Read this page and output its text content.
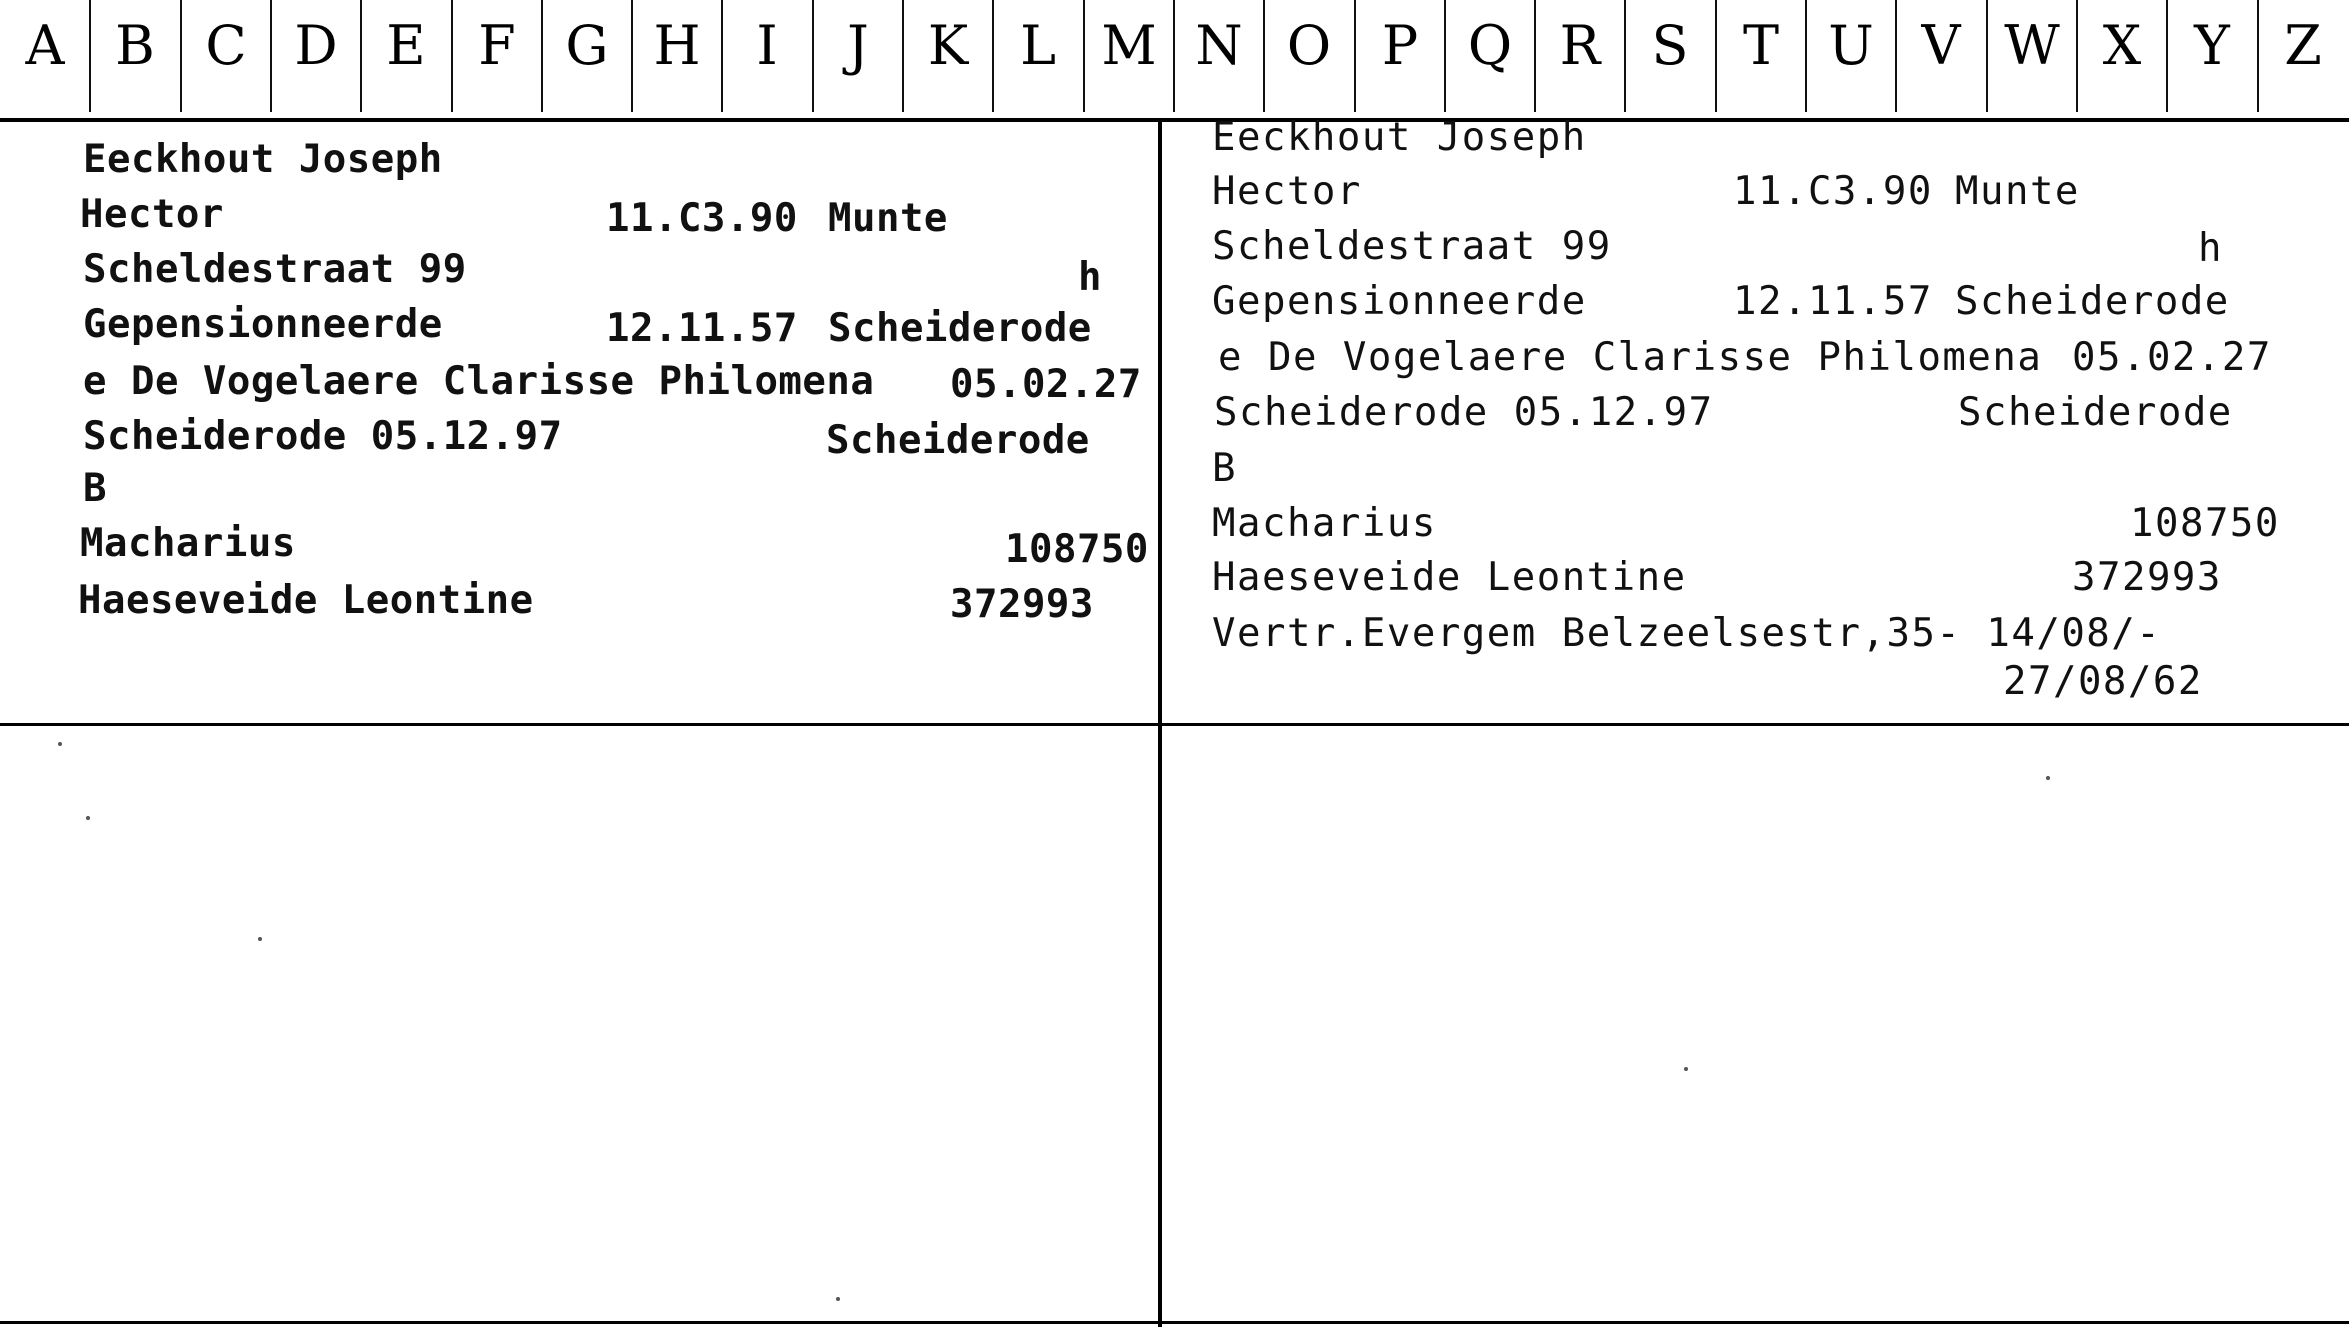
A B C D E F G H	I	J	K L M N O P Q R S	T U V W X Y	Z
Eeckhout Joseph
Hector	11.C3.90 Munte
Scheldestraat 99	h
Gepensionneerde	12.11.57 Scheiderode
e De Vogelaere Clarisse Philomena 05.02.27
Scheiderode 05.12.97	Scheiderode
B
Macharius	108750
Haeseveide Leontine	372993
Eeckhout Joseph
Hector	11.C3.90 Munte
Scheldestraat 99	h
Gepensionneerde	12.11.57 Scheiderode
e De Vogelaere Clarisse Philomena 05.02.27
Scheiderode 05.12.97	Scheiderode
B
Macharius	108750
Haeseveide Leontine	372993
Vertr.Evergem Belzeelsestr,35- 14/08/-
27/08/62
